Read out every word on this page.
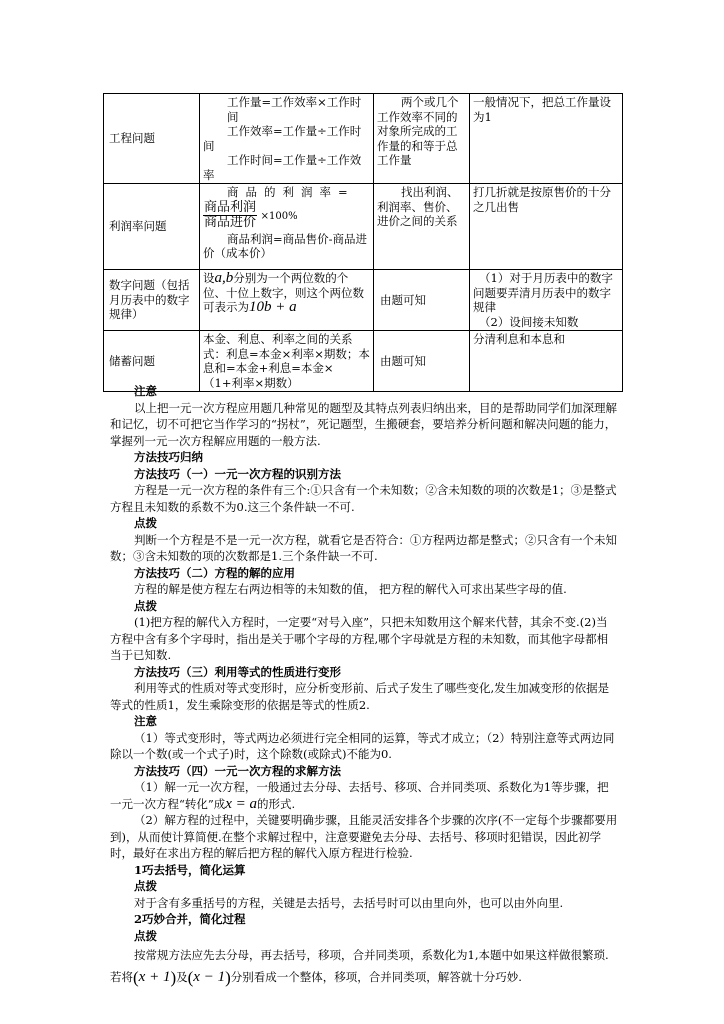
工程问题	工作量=工作效率×工作时间
工作效率=工作量÷工作时间
工作时间=工作量÷工作效率	两个或几个工作效率不同的对象所完成的工作量的和等于总工作量	一般情况下，把总工作量设为1
利润率问题	商品的利润率=
$\frac{\text{商品利润}}{\text{商品进价}} \times 100\%$
商品利润=商品售价-商品进价（成本价）	找出利润、利润率、售价、进价之间的关系	打几折就是按原售价的十分之几出售
数字问题（包括月历表中的数字规律）	设a,b分别为一个两位数的个位、十位上数字，则这个两位数可表示为10b + a	由题可知	（1）对于月历表中的数字问题要弄清月历表中的数字规律
（2）设间接未知数

储蓄问题	本金、利息、利率之间的关系式：利息=本金×利率×期数；本息和=本金+利息=本金×（1+利率×期数）	由题可知	分清利息和本息和

注意

以上把一元一次方程应用题几种常见的题型及其特点列表归纳出来，目的是帮助同学们加深理解和记忆，切不可把它当作学习的“拐杖”，死记题型，生搬硬套，要培养分析问题和解决问题的能力，掌握列一元一次方程解应用题的一般方法.

方法技巧归纳

方法技巧（一）一元一次方程的识别方法

方程是一元一次方程的条件有三个:①只含有一个未知数；②含未知数的项的次数是1；③是整式方程且未知数的系数不为0.这三个条件缺一不可.

点拨

判断一个方程是不是一元一次方程，就看它是否符合：①方程两边都是整式；②只含有一个未知数；③含未知数的项的次数都是1.三个条件缺一不可.

方法技巧（二）方程的解的应用

方程的解是使方程左右两边相等的未知数的值， 把方程的解代入可求出某些字母的值.

点拨

(1)把方程的解代入方程时，一定要“对号入座”，只把未知数用这个解来代替，其余不变.(2)当方程中含有多个字母时，指出是关于哪个字母的方程,哪个字母就是方程的未知数，而其他字母都相当于已知数.

方法技巧（三）利用等式的性质进行变形

利用等式的性质对等式变形时，应分析变形前、后式子发生了哪些变化,发生加减变形的依据是等式的性质1，发生乘除变形的依据是等式的性质2.

注意

（1）等式变形时，等式两边必须进行完全相同的运算，等式才成立；（2）特别注意等式两边同除以一个数(或一个式子)时，这个除数(或除式)不能为0.

方法技巧（四）一元一次方程的求解方法

（1）解一元一次方程，一般通过去分母、去括号、移项、合并同类项、系数化为1等步骤，把一元一次方程“转化”成x = a的形式.

（2）解方程的过程中，关键要明确步骤，且能灵活安排各个步骤的次序(不一定每个步骤都要用到)，从而使计算简便.在整个求解过程中，注意要避免去分母、去括号、移项时犯错误，因此初学时，最好在求出方程的解后把方程的解代入原方程进行检验.

1巧去括号，简化运算

点拨

对于含有多重括号的方程，关键是去括号，去括号时可以由里向外，也可以由外向里.

2巧妙合并，简化过程

点拨

按常规方法应先去分母，再去括号，移项，合并同类项，系数化为1,本题中如果这样做很繁琐. 若将(x + 1)及(x − 1)分别看成一个整体，移项，合并同类项，解答就十分巧妙.
